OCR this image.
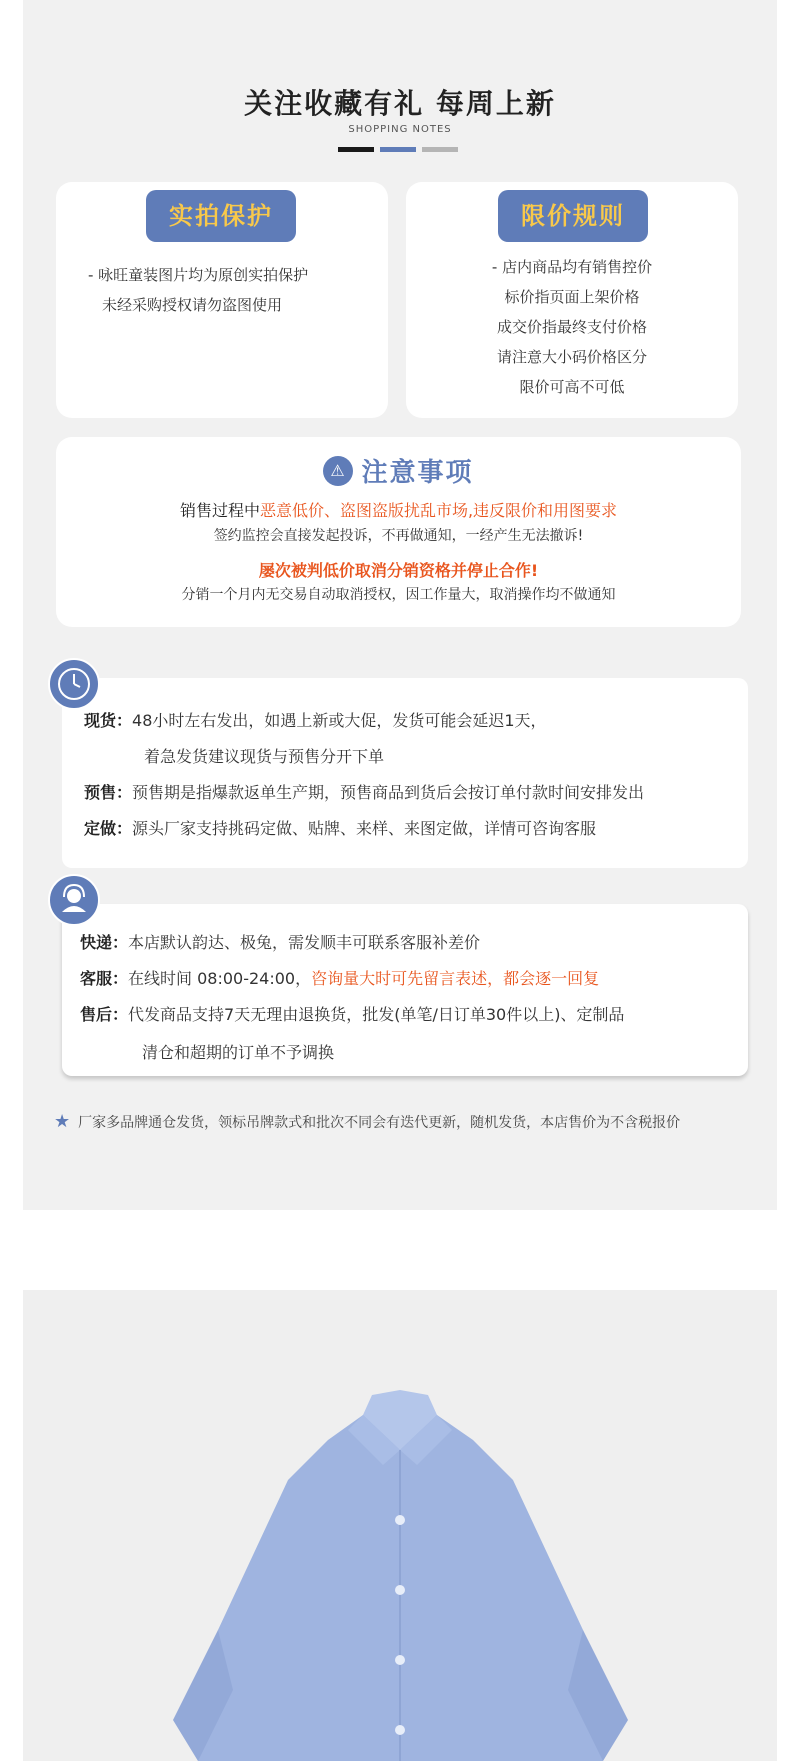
关注收藏有礼 每周上新
SHOPPING NOTES
实拍保护
- 咏旺童装图片均为原创实拍保护
未经采购授权请勿盗图使用
限价规则
- 店内商品均有销售控价
标价指页面上架价格
成交价指最终支付价格
请注意大小码价格区分
限价可高不可低
⚠ 注意事项
销售过程中恶意低价、盗图盗版扰乱市场,违反限价和用图要求
签约监控会直接发起投诉，不再做通知，一经产生无法撤诉!
屡次被判低价取消分销资格并停止合作!
分销一个月内无交易自动取消授权，因工作量大，取消操作均不做通知
现货：48小时左右发出，如遇上新或大促，发货可能会延迟1天，
着急发货建议现货与预售分开下单
预售：预售期是指爆款返单生产期，预售商品到货后会按订单付款时间安排发出
定做：源头厂家支持挑码定做、贴牌、来样、来图定做，详情可咨询客服
快递：本店默认韵达、极兔，需发顺丰可联系客服补差价
客服：在线时间 08:00-24:00，咨询量大时可先留言表述，都会逐一回复
售后：代发商品支持7天无理由退换货，批发(单笔/日订单30件以上)、定制品
清仓和超期的订单不予调换
★ 厂家多品牌通仓发货，领标吊牌款式和批次不同会有迭代更新，随机发货，本店售价为不含税报价
